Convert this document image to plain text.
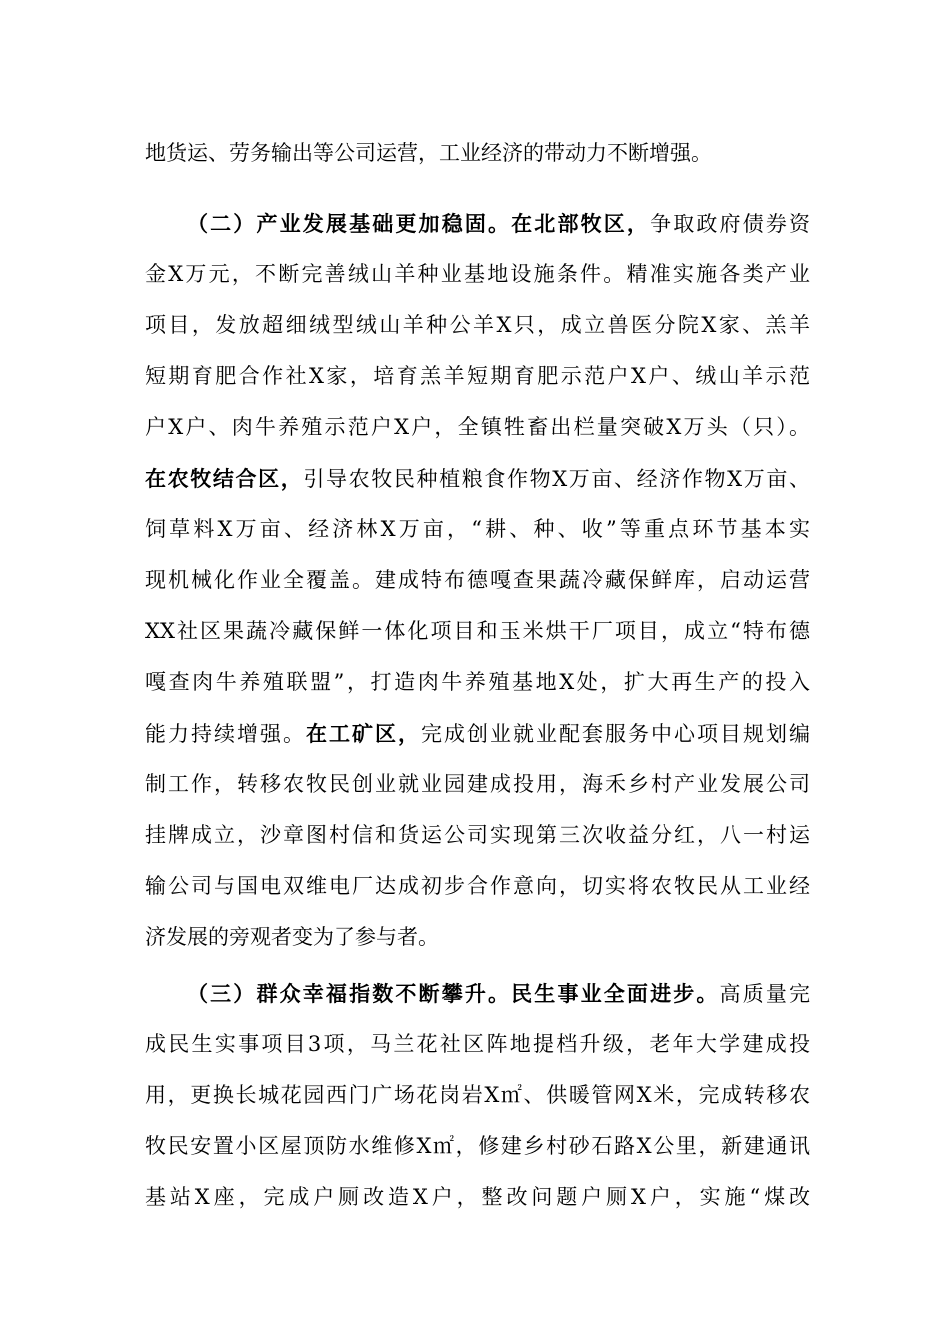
地货运、劳务输出等公司运营，工业经济的带动力不断增强。
（二）产业发展基础更加稳固。在北部牧区，争取政府债券资
金X万元，不断完善绒山羊种业基地设施条件。精准实施各类产业
项目，发放超细绒型绒山羊种公羊X只，成立兽医分院X家、羔羊
短期育肥合作社X家，培育羔羊短期育肥示范户X户、绒山羊示范
户X户、肉牛养殖示范户X户，全镇牲畜出栏量突破X万头（只）。
在农牧结合区，引导农牧民种植粮食作物X万亩、经济作物X万亩、
饲草料X万亩、经济林X万亩，“耕、种、收”等重点环节基本实
现机械化作业全覆盖。建成特布德嘎查果蔬冷藏保鲜库，启动运营
XX社区果蔬冷藏保鲜一体化项目和玉米烘干厂项目，成立“特布德
嘎查肉牛养殖联盟”，打造肉牛养殖基地X处，扩大再生产的投入
能力持续增强。在工矿区，完成创业就业配套服务中心项目规划编
制工作，转移农牧民创业就业园建成投用，海禾乡村产业发展公司
挂牌成立，沙章图村信和货运公司实现第三次收益分红，八一村运
输公司与国电双维电厂达成初步合作意向，切实将农牧民从工业经
济发展的旁观者变为了参与者。
（三）群众幸福指数不断攀升。民生事业全面进步。高质量完
成民生实事项目3项，马兰花社区阵地提档升级，老年大学建成投
用，更换长城花园西门广场花岗岩X㎡、供暖管网X米，完成转移农
牧民安置小区屋顶防水维修X㎡，修建乡村砂石路X公里，新建通讯
基站X座，完成户厕改造X户，整改问题户厕X户，实施“煤改
